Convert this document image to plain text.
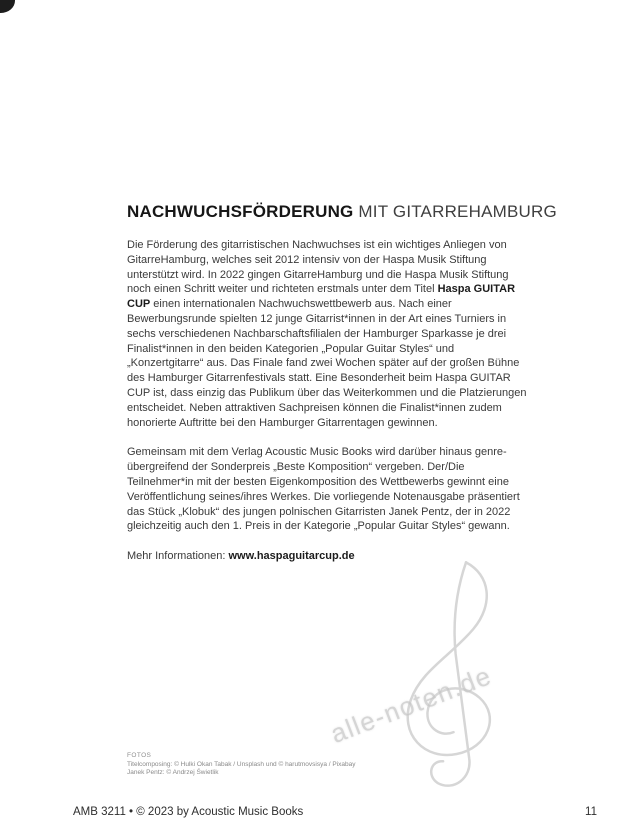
alle-noten.de
NACHWUCHSFÖRDERUNG MIT GITARREHAMBURG

Die Förderung des gitarristischen Nachwuchses ist ein wichtiges Anliegen von GitarreHamburg, welches seit 2012 intensiv von der Haspa Musik Stiftung unterstützt wird. In 2022 gingen GitarreHamburg und die Haspa Musik Stiftung noch einen Schritt weiter und richteten erstmals unter dem Titel Haspa GUITAR CUP einen internationalen Nachwuchswettbewerb aus. Nach einer Bewerbungsrunde spielten 12 junge Gitarrist*innen in der Art eines Turniers in sechs verschiedenen Nachbarschaftsfilialen der Hamburger Sparkasse je drei Finalist*innen in den beiden Kategorien „Popular Guitar Styles“ und „Konzertgitarre“ aus. Das Finale fand zwei Wochen später auf der großen Bühne des Hamburger Gitarrenfestivals statt. Eine Besonderheit beim Haspa GUITAR CUP ist, dass einzig das Publikum über das Weiterkommen und die Platzierungen entscheidet. Neben attraktiven Sachpreisen können die Finalist*innen zudem honorierte Auftritte bei den Hamburger Gitarrentagen gewinnen.

Gemeinsam mit dem Verlag Acoustic Music Books wird darüber hinaus genre-übergreifend der Sonderpreis „Beste Komposition“ vergeben. Der/Die Teilnehmer*in mit der besten Eigenkomposition des Wettbewerbs gewinnt eine Veröffentlichung seines/ihres Werkes. Die vorliegende Notenausgabe präsentiert das Stück „Klobuk“ des jungen polnischen Gitarristen Janek Pentz, der in 2022 gleichzeitig auch den 1. Preis in der Kategorie „Popular Guitar Styles“ gewann.

Mehr Informationen: www.haspaguitarcup.de

FOTOS
Titelcomposing: © Hulki Okan Tabak / Unsplash und © harutmovsisya / Pixabay
Janek Pentz: © Andrzej Świetlik
AMB 3211 • © 2023 by Acoustic Music Books	11
